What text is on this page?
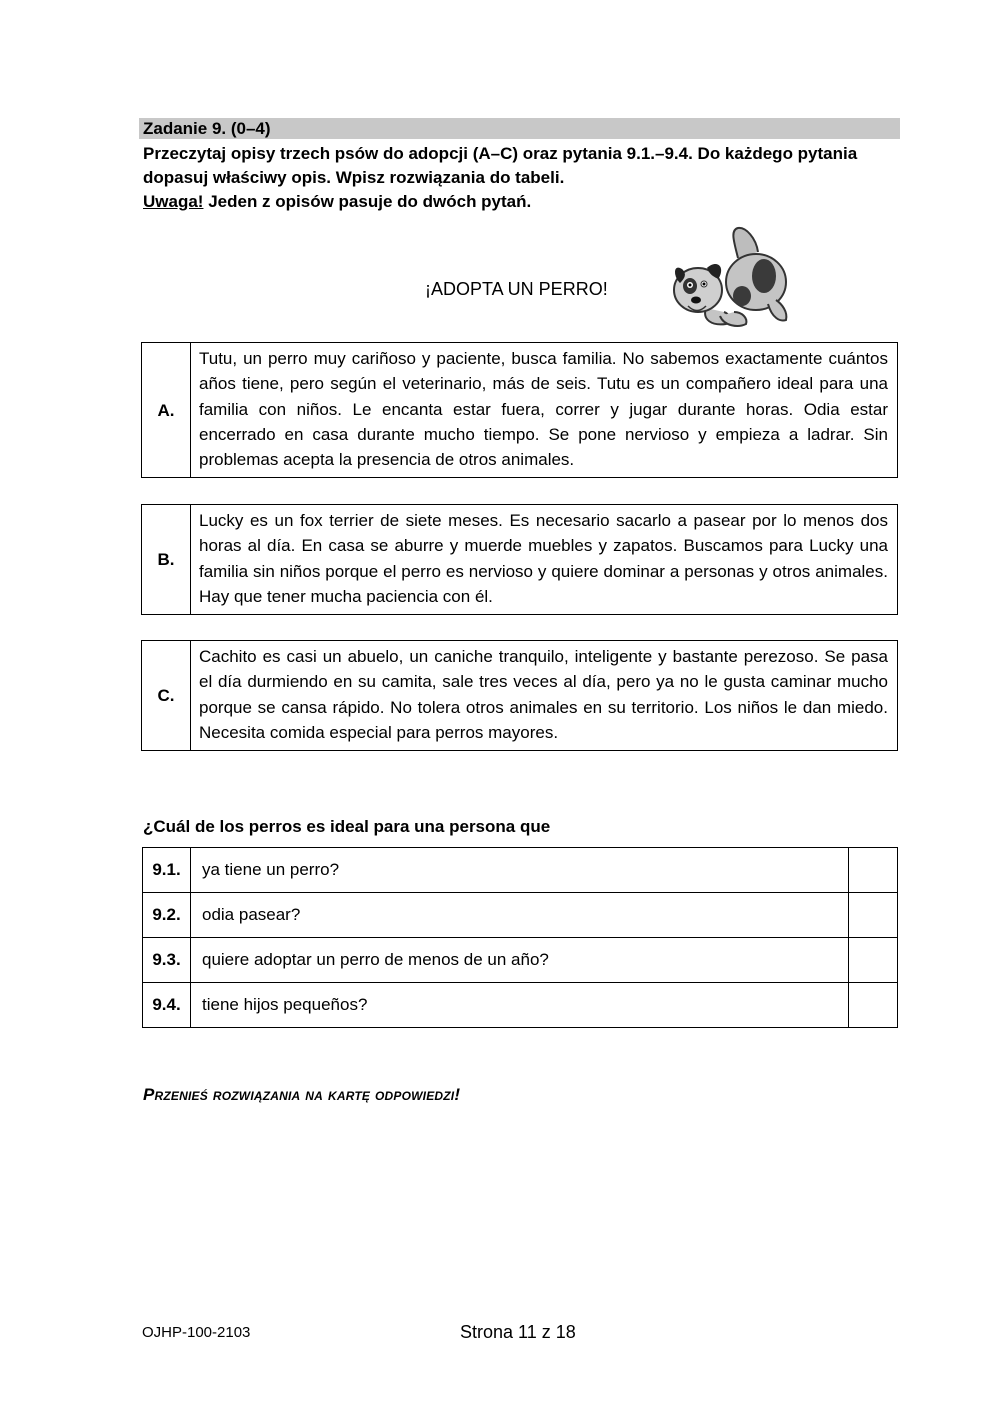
Zadanie 9. (0–4)
Przeczytaj opisy trzech psów do adopcji (A–C) oraz pytania 9.1.–9.4. Do każdego pytania
dopasuj właściwy opis. Wpisz rozwiązania do tabeli.
Uwaga! Jeden z opisów pasuje do dwóch pytań.
¡ADOPTA UN PERRO!
A.	Tutu, un perro muy cariñoso y paciente, busca familia. No sabemos exactamente cuántos años tiene, pero según el veterinario, más de seis. Tutu es un compañero ideal para una familia con niños. Le encanta estar fuera, correr y jugar durante horas. Odia estar encerrado en casa durante mucho tiempo. Se pone nervioso y empieza a ladrar. Sin problemas acepta la presencia de otros animales.
B.	Lucky es un fox terrier de siete meses. Es necesario sacarlo a pasear por lo menos dos horas al día. En casa se aburre y muerde muebles y zapatos. Buscamos para Lucky una familia sin niños porque el perro es nervioso y quiere dominar a personas y otros animales. Hay que tener mucha paciencia con él.
C.	Cachito es casi un abuelo, un caniche tranquilo, inteligente y bastante perezoso. Se pasa el día durmiendo en su camita, sale tres veces al día, pero ya no le gusta caminar mucho porque se cansa rápido. No tolera otros animales en su territorio. Los niños le dan miedo. Necesita comida especial para perros mayores.
¿Cuál de los perros es ideal para una persona que
9.1.	ya tiene un perro?	
9.2.	odia pasear?	
9.3.	quiere adoptar un perro de menos de un año?	
9.4.	tiene hijos pequeños?	
Przenieś rozwiązania na kartę odpowiedzi!
OJHP-100-2103	Strona 11 z 18
